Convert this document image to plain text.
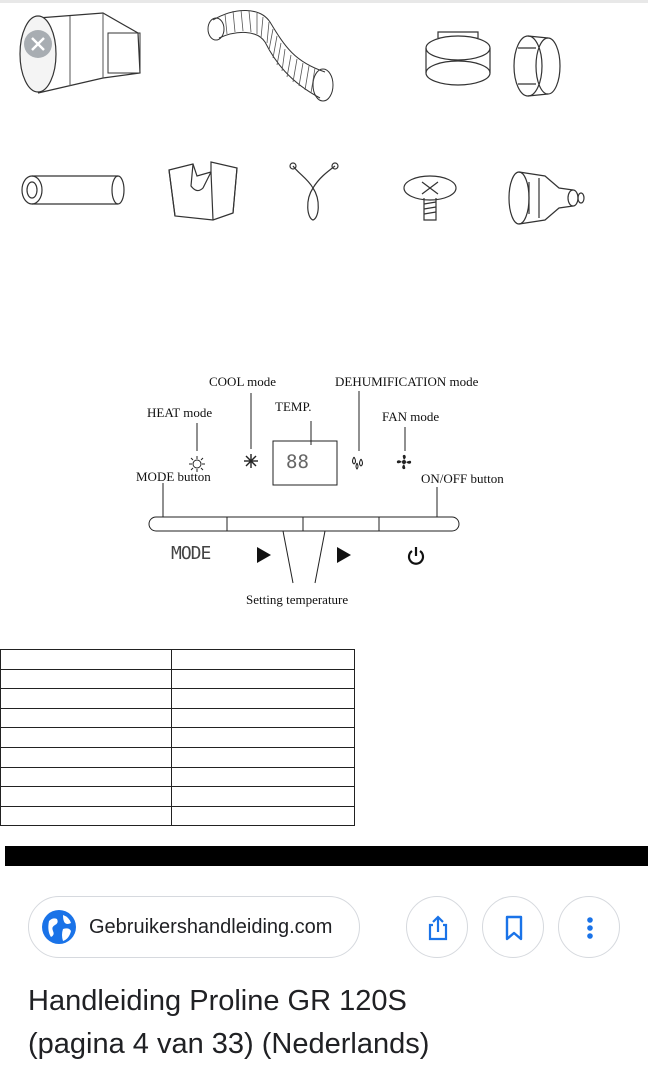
COOL mode	DEHUMIFICATION mode
HEAT mode	TEMP.
FAN mode
88
MODE button	ON/OFF button
MODE
Setting temperature

Gebruikershandleiding.com
Handleiding Proline GR 120S
(pagina 4 van 33) (Nederlands)
